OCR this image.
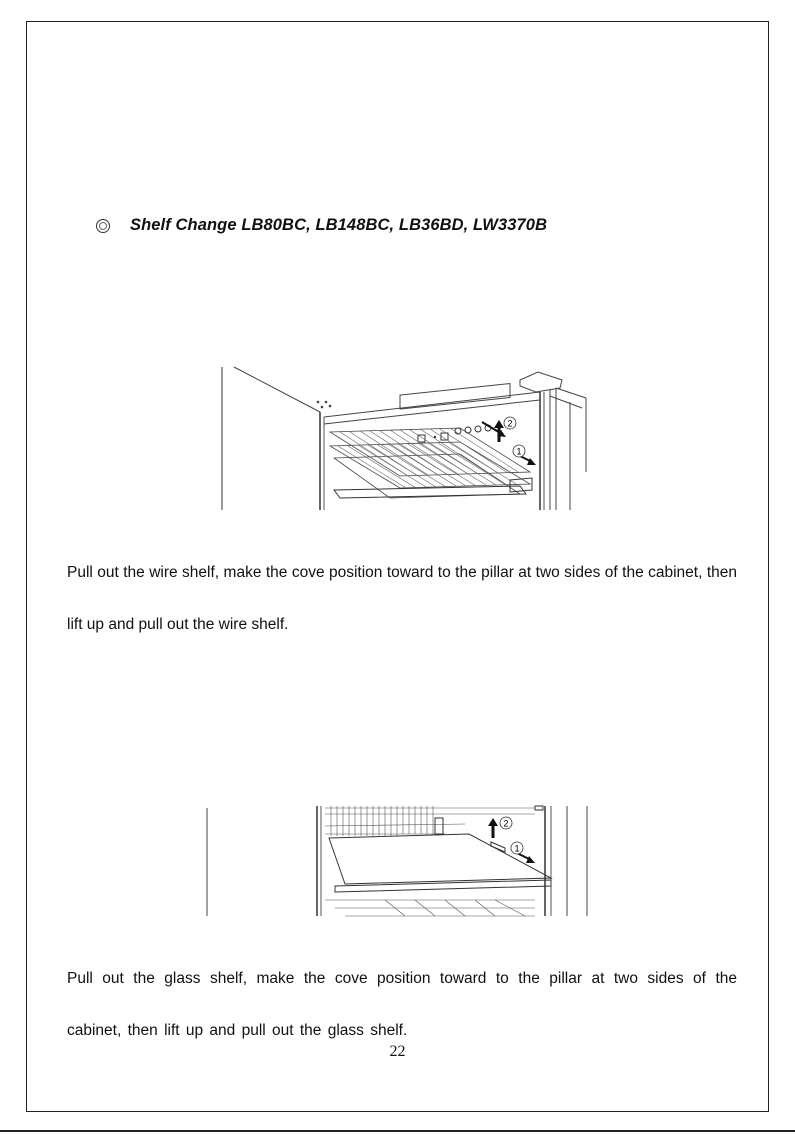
Shelf Change LB80BC, LB148BC, LB36BD, LW3370B
2
1

Pull out the wire shelf, make the cove position toward to the pillar at two sides of the cabinet, then lift up and pull out the wire shelf.

2
1

Pull out the glass shelf, make the cove position toward to the pillar at two sides of the cabinet, then lift up and pull out the glass shelf.

22
